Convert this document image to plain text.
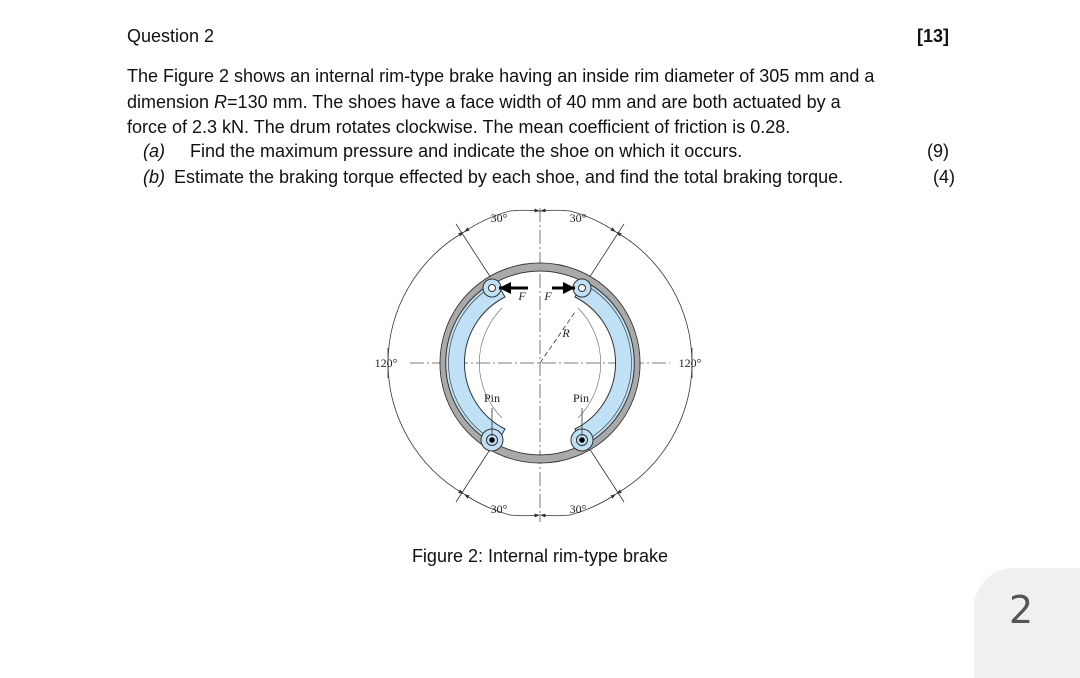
Question 2	[13]

The Figure 2 shows an internal rim-type brake having an inside rim diameter of 305 mm and a

dimension R=130 mm. The shoes have a face width of 40 mm and are both actuated by a

force of 2.3 kN. The drum rotates clockwise. The mean coefficient of friction is 0.28.

(a) Find the maximum pressure and indicate the shoe on which it occurs.	(9)
(b) Estimate the braking torque effected by each shoe, and find the total braking torque.	(4)
30°	30°
30°	30°
120°	120°
F F
R
Pin	Pin
Figure 2: Internal rim-type brake
2
